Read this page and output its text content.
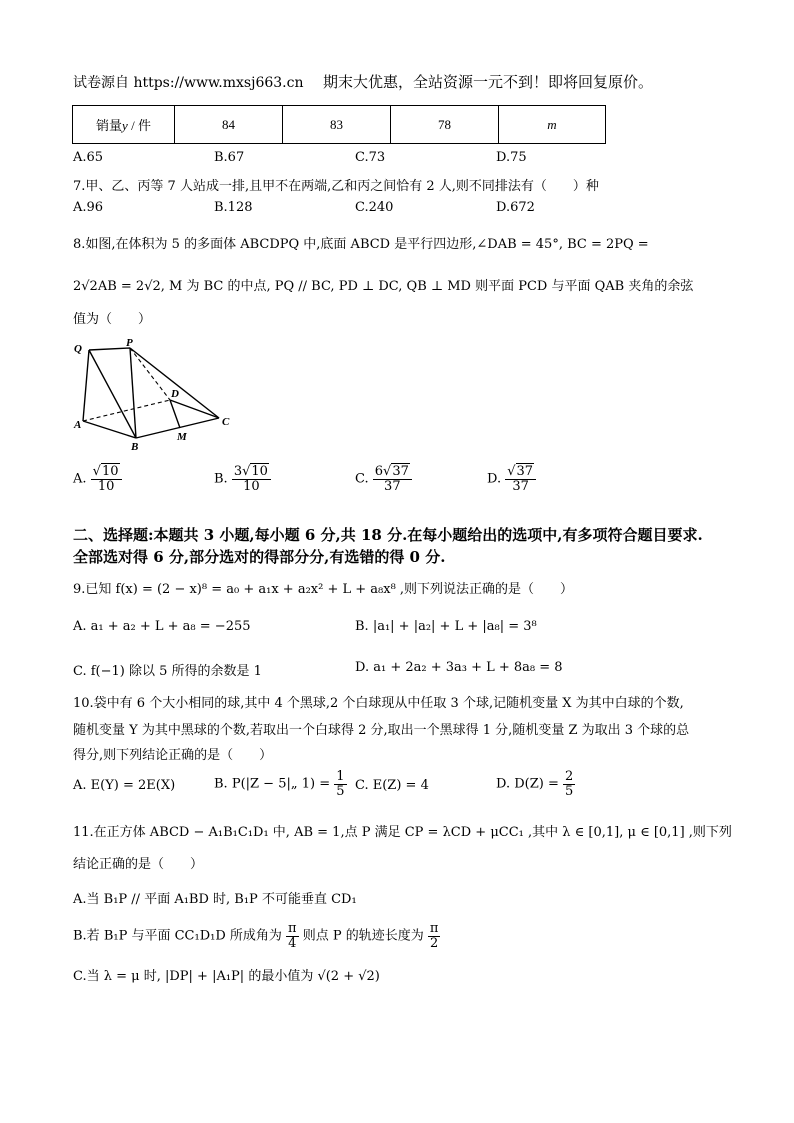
试卷源自 https://www.mxsj663.cn 期末大优惠，全站资源一元不到！即将回复原价。
销量y / 件	84	83	78	m
A.65	B.67	C.73	D.75
7.甲、乙、丙等 7 人站成一排,且甲不在两端,乙和丙之间恰有 2 人,则不同排法有（　　）种
A.96	B.128	C.240	D.672
8.如图,在体积为 5 的多面体 ABCDPQ 中,底面 ABCD 是平行四边形,∠DAB = 45°, BC = 2PQ =
2√2AB = 2√2, M 为 BC 的中点, PQ // BC, PD ⊥ DC, QB ⊥ MD 则平面 PCD 与平面 QAB 夹角的余弦
值为（　　）
Q	P
D
A
B
M
C
A. $\frac{√10}{10}$	B. $\frac{3√10}{10}$	C. $\frac{6√37}{37}$	D. $\frac{√37}{37}$
二、选择题:本题共 3 小题,每小题 6 分,共 18 分.在每小题给出的选项中,有多项符合题目要求.
全部选对得 6 分,部分选对的得部分分,有选错的得 0 分.
9.已知 f(x) = (2 − x)⁸ = a₀ + a₁x + a₂x² + L + a₈x⁸ ,则下列说法正确的是（　　）
A. a₁ + a₂ + L + a₈ = −255	B. |a₁| + |a₂| + L + |a₈| = 3⁸
C. f(−1) 除以 5 所得的余数是 1	D. a₁ + 2a₂ + 3a₃ + L + 8a₈ = 8
10.袋中有 6 个大小相同的球,其中 4 个黑球,2 个白球现从中任取 3 个球,记随机变量 X 为其中白球的个数,
随机变量 Y 为其中黑球的个数,若取出一个白球得 2 分,取出一个黑球得 1 分,随机变量 Z 为取出 3 个球的总
得分,则下列结论正确的是（　　）
A. E(Y) = 2E(X)	B. P(|Z − 5|„ $1) = \frac{1}{5} C$. E(Z) = 4	D. $D(Z) = \frac{2}{5}$
11.在正方体 ABCD − A₁B₁C₁D₁ 中, AB = 1,点 P 满足 CP = λCD + μCC₁ ,其中 λ ∈ [0,1], μ ∈ [0,1] ,则下列
结论正确的是（　　）
A.当 B₁P // 平面 A₁BD 时, B₁P 不可能垂直 CD₁
B.若 B₁P 与平面 CC₁D₁D 所成角为 $\frac{\pi}{4}$ 则点 P 的轨迹长度为 $\frac{\pi}{2}$
C.当 λ = μ 时, |DP| + |A₁P| 的最小值为 √(2 + √2)
